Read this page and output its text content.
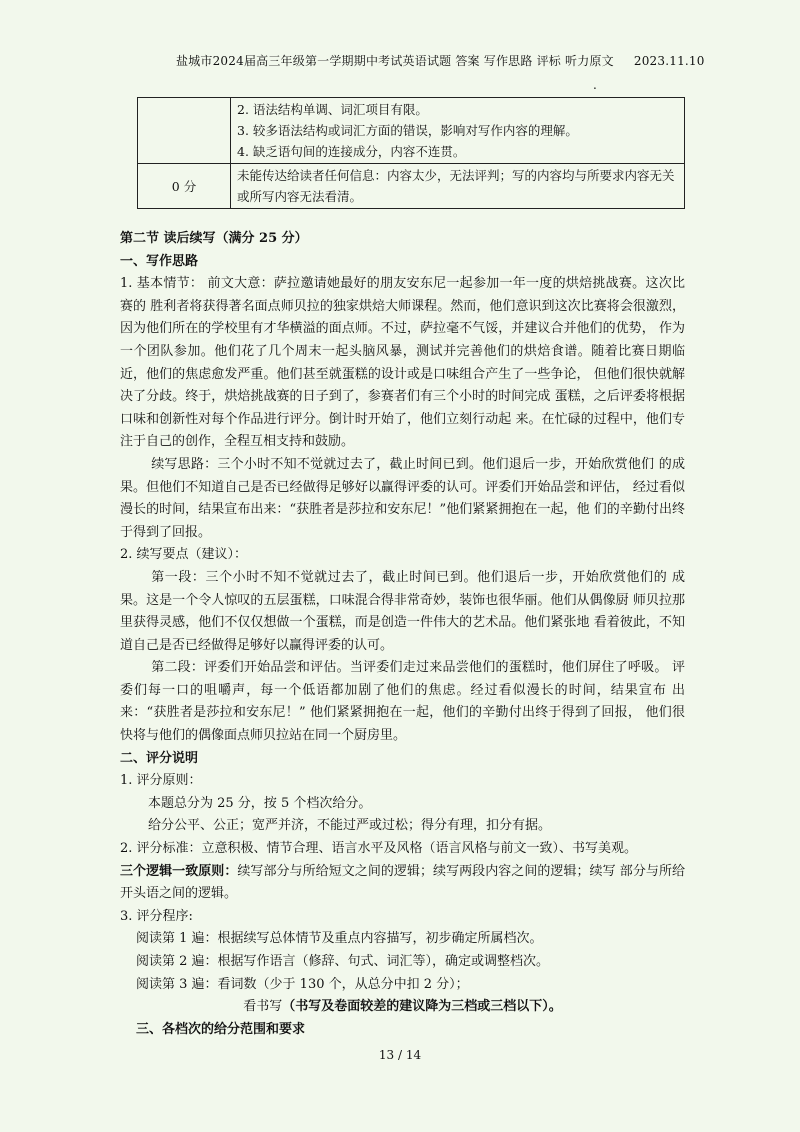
盐城市2024届高三年级第一学期期中考试英语试题 答案 写作思路 评标 听力原文 2023.11.10
.

	2. 语法结构单调、词汇项目有限。
3. 较多语法结构或词汇方面的错误，影响对写作内容的理解。
4. 缺乏语句间的连接成分，内容不连贯。

0 分	未能传达给读者任何信息：内容太少，无法评判；写的内容均与所要求内容无关或所写内容无法看清。

第二节 读后续写（满分 25 分）

一、写作思路

1. 基本情节： 前文大意：萨拉邀请她最好的朋友安东尼一起参加一年一度的烘焙挑战赛。这次比赛的 胜利者将获得著名面点师贝拉的独家烘焙大师课程。然而，他们意识到这次比赛将会很激烈， 因为他们所在的学校里有才华横溢的面点师。不过，萨拉毫不气馁，并建议合并他们的优势， 作为一个团队参加。他们花了几个周末一起头脑风暴，测试并完善他们的烘焙食谱。随着比赛日期临近，他们的焦虑愈发严重。他们甚至就蛋糕的设计或是口味组合产生了一些争论， 但他们很快就解决了分歧。终于，烘焙挑战赛的日子到了，参赛者们有三个小时的时间完成 蛋糕，之后评委将根据口味和创新性对每个作品进行评分。倒计时开始了，他们立刻行动起 来。在忙碌的过程中，他们专注于自己的创作，全程互相支持和鼓励。

续写思路：三个小时不知不觉就过去了，截止时间已到。他们退后一步，开始欣赏他们 的成果。但他们不知道自己是否已经做得足够好以赢得评委的认可。评委们开始品尝和评估， 经过看似漫长的时间，结果宣布出来：“获胜者是莎拉和安东尼！”他们紧紧拥抱在一起，他 们的辛勤付出终于得到了回报。

2. 续写要点（建议）：

第一段：三个小时不知不觉就过去了，截止时间已到。他们退后一步，开始欣赏他们的 成果。这是一个令人惊叹的五层蛋糕，口味混合得非常奇妙，装饰也很华丽。他们从偶像厨 师贝拉那里获得灵感，他们不仅仅想做一个蛋糕，而是创造一件伟大的艺术品。他们紧张地 看着彼此，不知道自己是否已经做得足够好以赢得评委的认可。

第二段：评委们开始品尝和评估。当评委们走过来品尝他们的蛋糕时，他们屏住了呼吸。 评委们每一口的咀嚼声，每一个低语都加剧了他们的焦虑。经过看似漫长的时间，结果宣布 出来：“获胜者是莎拉和安东尼！” 他们紧紧拥抱在一起，他们的辛勤付出终于得到了回报， 他们很快将与他们的偶像面点师贝拉站在同一个厨房里。

二、评分说明

1. 评分原则：

本题总分为 25 分，按 5 个档次给分。

给分公平、公正；宽严并济，不能过严或过松；得分有理，扣分有据。

2. 评分标准：立意积极、情节合理、语言水平及风格（语言风格与前文一致）、书写美观。

三个逻辑一致原则：续写部分与所给短文之间的逻辑；续写两段内容之间的逻辑；续写 部分与所给开头语之间的逻辑。

3. 评分程序:

阅读第 1 遍：根据续写总体情节及重点内容描写，初步确定所属档次。

阅读第 2 遍：根据写作语言（修辞、句式、词汇等），确定或调整档次。

阅读第 3 遍：看词数（少于 130 个，从总分中扣 2 分）；

看书写（书写及卷面较差的建议降为三档或三档以下）。

三、各档次的给分范围和要求

13 / 14
